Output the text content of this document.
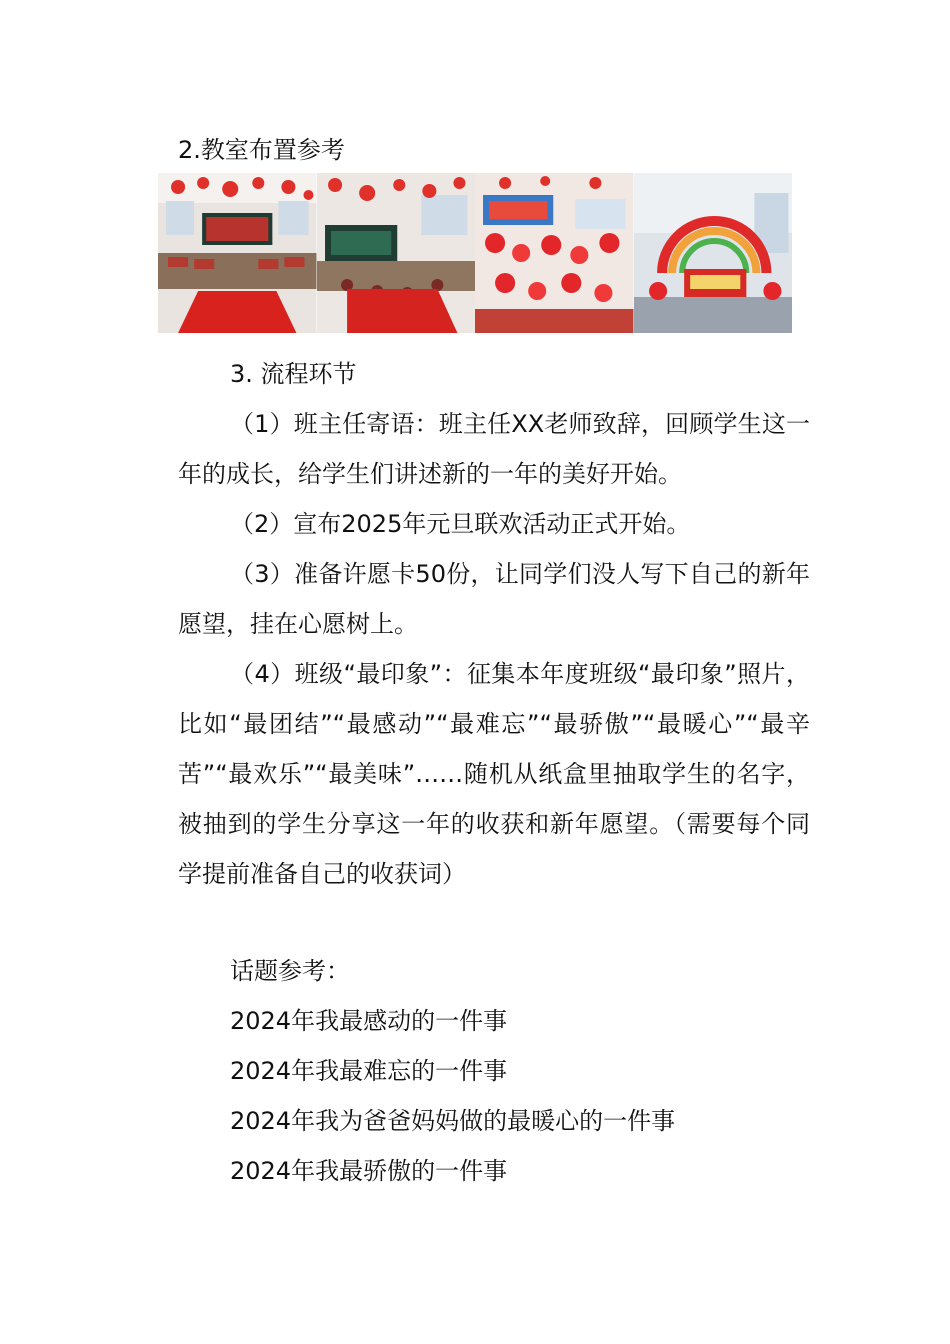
2.教室布置参考
3. 流程环节
（1）班主任寄语：班主任XX老师致辞，回顾学生这一年的成长，给学生们讲述新的一年的美好开始。
（2）宣布2025年元旦联欢活动正式开始。
（3）准备许愿卡50份，让同学们没人写下自己的新年愿望，挂在心愿树上。
（4）班级“最印象”：征集本年度班级“最印象”照片，比如“最团结”“最感动”“最难忘”“最骄傲”“最暖心”“最辛苦”“最欢乐”“最美味”……随机从纸盒里抽取学生的名字，被抽到的学生分享这一年的收获和新年愿望。（需要每个同学提前准备自己的收获词）
话题参考：
2024年我最感动的一件事
2024年我最难忘的一件事
2024年我为爸爸妈妈做的最暖心的一件事
2024年我最骄傲的一件事
